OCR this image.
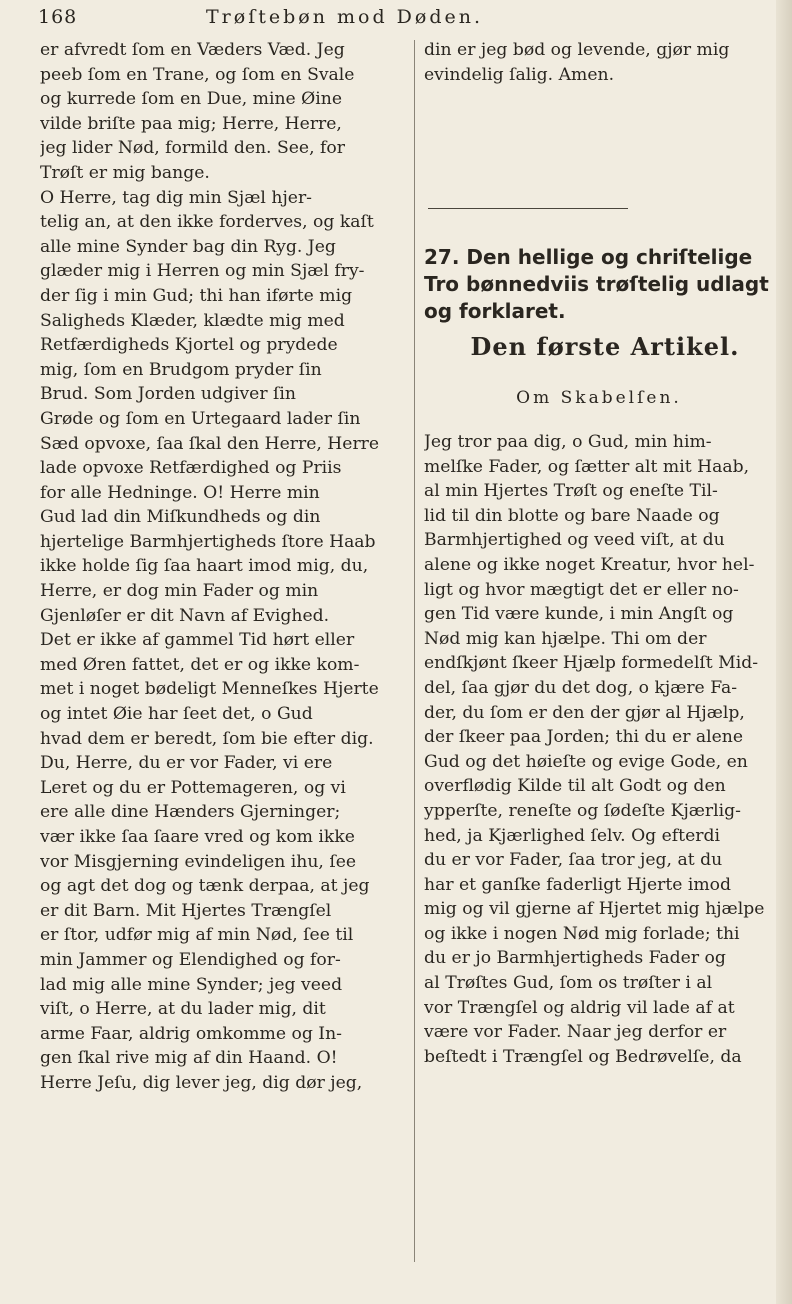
168	Trøſtebøn mod Døden.
er afvredt ſom en Væders Væd. Jeg
peeb ſom en Trane, og ſom en Svale
og kurrede ſom en Due, mine Øine
vilde briſte paa mig; Herre, Herre,
jeg lider Nød, formild den. See, for
Trøſt er mig bange.
O Herre, tag dig min Sjæl hjer-
telig an, at den ikke forderves, og kaſt
alle mine Synder bag din Ryg. Jeg
glæder mig i Herren og min Sjæl fry-
der ſig i min Gud; thi han iførte mig
Saligheds Klæder, klædte mig med
Retfærdigheds Kjortel og prydede
mig, ſom en Brudgom pryder ſin
Brud. Som Jorden udgiver ſin
Grøde og ſom en Urtegaard lader ſin
Sæd opvoxe, ſaa ſkal den Herre, Herre
lade opvoxe Retfærdighed og Priis
for alle Hedninge. O! Herre min
Gud lad din Miſkundheds og din
hjertelige Barmhjertigheds ſtore Haab
ikke holde ſig ſaa haart imod mig, du,
Herre, er dog min Fader og min
Gjenløſer er dit Navn af Evighed.
Det er ikke af gammel Tid hørt eller
med Øren fattet, det er og ikke kom-
met i noget bødeligt Menneſkes Hjerte
og intet Øie har ſeet det, o Gud
hvad dem er beredt, ſom bie efter dig.
Du, Herre, du er vor Fader, vi ere
Leret og du er Pottemageren, og vi
ere alle dine Hænders Gjerninger;
vær ikke ſaa ſaare vred og kom ikke
vor Misgjerning evindeligen ihu, ſee
og agt det dog og tænk derpaa, at jeg
er dit Barn. Mit Hjertes Trængſel
er ſtor, udfør mig af min Nød, ſee til
min Jammer og Elendighed og for-
lad mig alle mine Synder; jeg veed
viſt, o Herre, at du lader mig, dit
arme Faar, aldrig omkomme og In-
gen ſkal rive mig af din Haand. O!
Herre Jeſu, dig lever jeg, dig dør jeg,
din er jeg bød og levende, gjør mig
evindelig ſalig. Amen.
27. Den hellige og chriſtelige
Tro bønnedviis trøſtelig udlagt
og forklaret.
Den første Artikel.
Om Skabelſen.
Jeg tror paa dig, o Gud, min him-
melſke Fader, og ſætter alt mit Haab,
al min Hjertes Trøſt og eneſte Til-
lid til din blotte og bare Naade og
Barmhjertighed og veed viſt, at du
alene og ikke noget Kreatur, hvor hel-
ligt og hvor mægtigt det er eller no-
gen Tid være kunde, i min Angſt og
Nød mig kan hjælpe. Thi om der
endſkjønt ſkeer Hjælp formedelſt Mid-
del, ſaa gjør du det dog, o kjære Fa-
der, du ſom er den der gjør al Hjælp,
der ſkeer paa Jorden; thi du er alene
Gud og det høieſte og evige Gode, en
overflødig Kilde til alt Godt og den
ypperſte, reneſte og ſødeſte Kjærlig-
hed, ja Kjærlighed ſelv. Og efterdi
du er vor Fader, ſaa tror jeg, at du
har et ganſke faderligt Hjerte imod
mig og vil gjerne af Hjertet mig hjælpe
og ikke i nogen Nød mig forlade; thi
du er jo Barmhjertigheds Fader og
al Trøſtes Gud, ſom os trøſter i al
vor Trængſel og aldrig vil lade af at
være vor Fader. Naar jeg derfor er
beſtedt i Trængſel og Bedrøvelſe, da
